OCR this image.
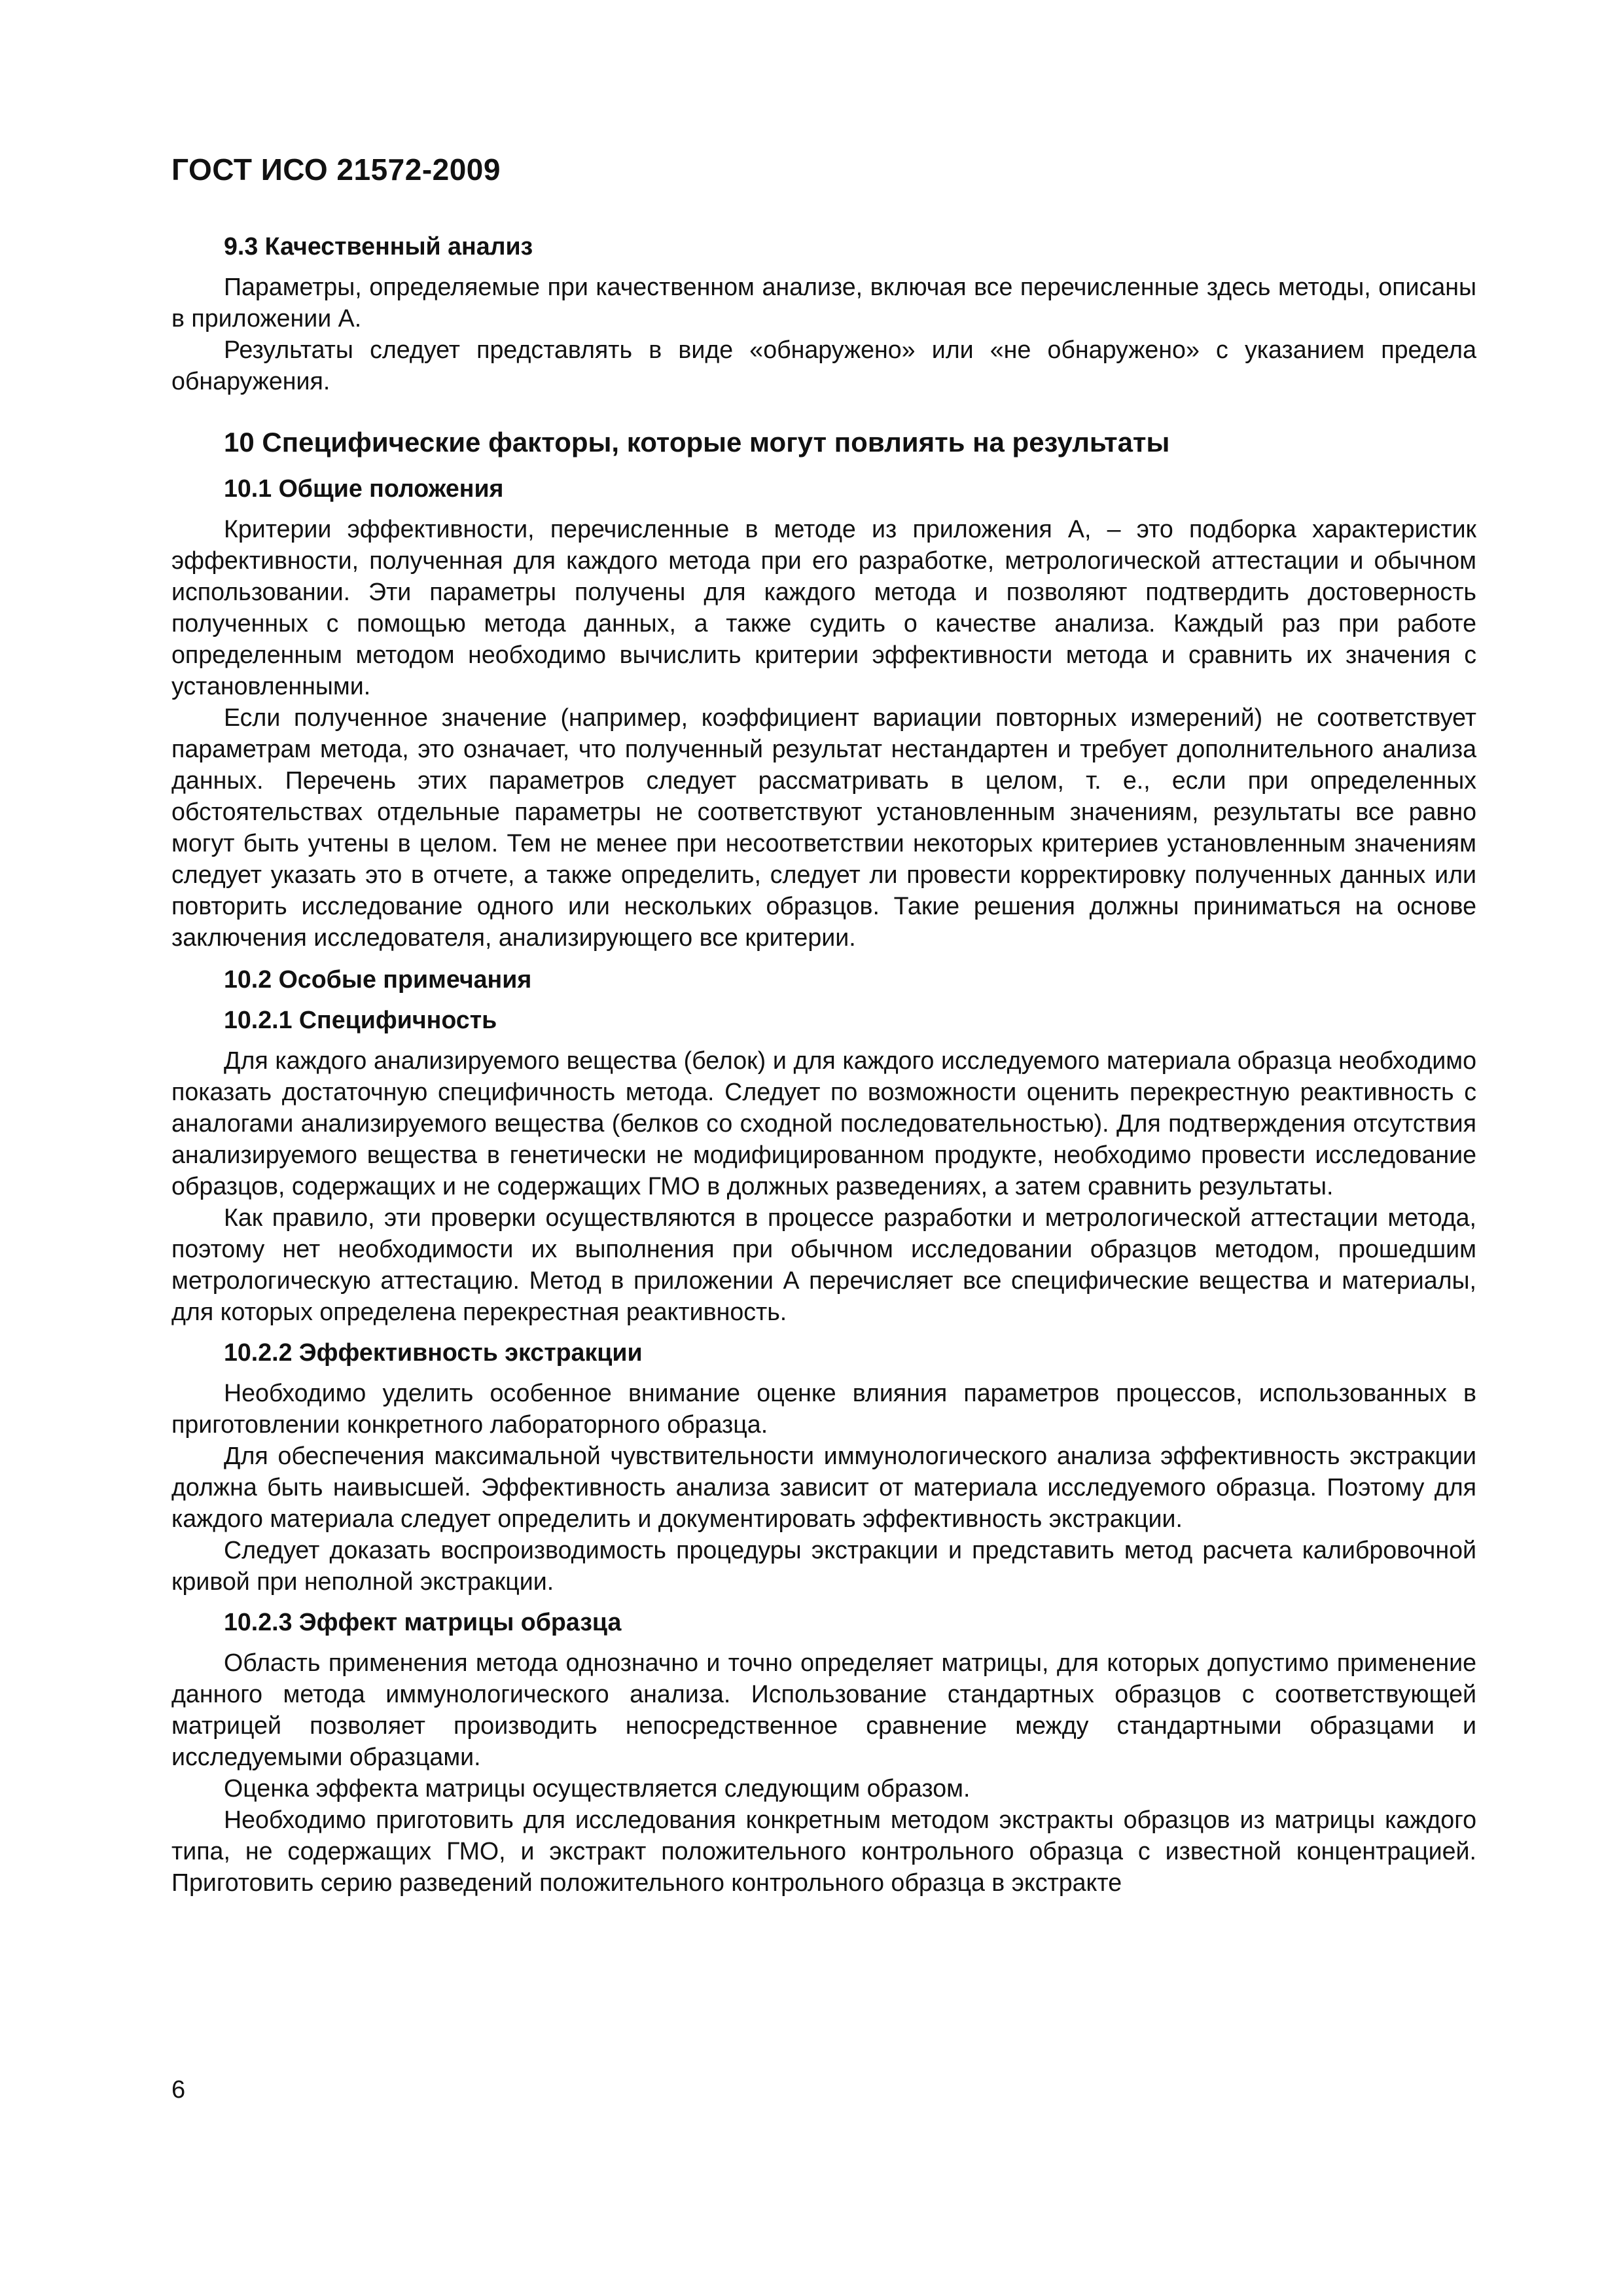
ГОСТ ИСО 21572-2009
9.3 Качественный анализ

Параметры, определяемые при качественном анализе, включая все перечисленные здесь методы, описаны в приложении А.

Результаты следует представлять в виде «обнаружено» или «не обнаружено» с указанием предела обнаружения.

10 Специфические факторы, которые могут повлиять на результаты
10.1 Общие положения

Критерии эффективности, перечисленные в методе из приложения А, – это подборка характеристик эффективности, полученная для каждого метода при его разработке, метрологической аттестации и обычном использовании. Эти параметры получены для каждого метода и позволяют подтвердить достоверность полученных с помощью метода данных, а также судить о качестве анализа. Каждый раз при работе определенным методом необходимо вычислить критерии эффективности метода и сравнить их значения с установленными.

Если полученное значение (например, коэффициент вариации повторных измерений) не соответствует параметрам метода, это означает, что полученный результат нестандартен и требует дополнительного анализа данных. Перечень этих параметров следует рассматривать в целом, т. е., если при определенных обстоятельствах отдельные параметры не соответствуют установленным значениям, результаты все равно могут быть учтены в целом. Тем не менее при несоответствии некоторых критериев установленным значениям следует указать это в отчете, а также определить, следует ли провести корректировку полученных данных или повторить исследование одного или нескольких образцов. Такие решения должны приниматься на основе заключения исследователя, анализирующего все критерии.

10.2 Особые примечания
10.2.1 Специфичность

Для каждого анализируемого вещества (белок) и для каждого исследуемого материала образца необходимо показать достаточную специфичность метода. Следует по возможности оценить перекрестную реактивность с аналогами анализируемого вещества (белков со сходной последовательностью). Для подтверждения отсутствия анализируемого вещества в генетически не модифицированном продукте, необходимо провести исследование образцов, содержащих и не содержащих ГМО в должных разведениях, а затем сравнить результаты.

Как правило, эти проверки осуществляются в процессе разработки и метрологической аттестации метода, поэтому нет необходимости их выполнения при обычном исследовании образцов методом, прошедшим метрологическую аттестацию. Метод в приложении А перечисляет все специфические вещества и материалы, для которых определена перекрестная реактивность.

10.2.2 Эффективность экстракции

Необходимо уделить особенное внимание оценке влияния параметров процессов, использованных в приготовлении конкретного лабораторного образца.

Для обеспечения максимальной чувствительности иммунологического анализа эффективность экстракции должна быть наивысшей. Эффективность анализа зависит от материала исследуемого образца. Поэтому для каждого материала следует определить и документировать эффективность экстракции.

Следует доказать воспроизводимость процедуры экстракции и представить метод расчета калибровочной кривой при неполной экстракции.

10.2.3 Эффект матрицы образца

Область применения метода однозначно и точно определяет матрицы, для которых допустимо применение данного метода иммунологического анализа. Использование стандартных образцов с соответствующей матрицей позволяет производить непосредственное сравнение между стандартными образцами и исследуемыми образцами.

Оценка эффекта матрицы осуществляется следующим образом.

Необходимо приготовить для исследования конкретным методом экстракты образцов из матрицы каждого типа, не содержащих ГМО, и экстракт положительного контрольного образца с известной концентрацией. Приготовить серию разведений положительного контрольного образца в экстракте

6
